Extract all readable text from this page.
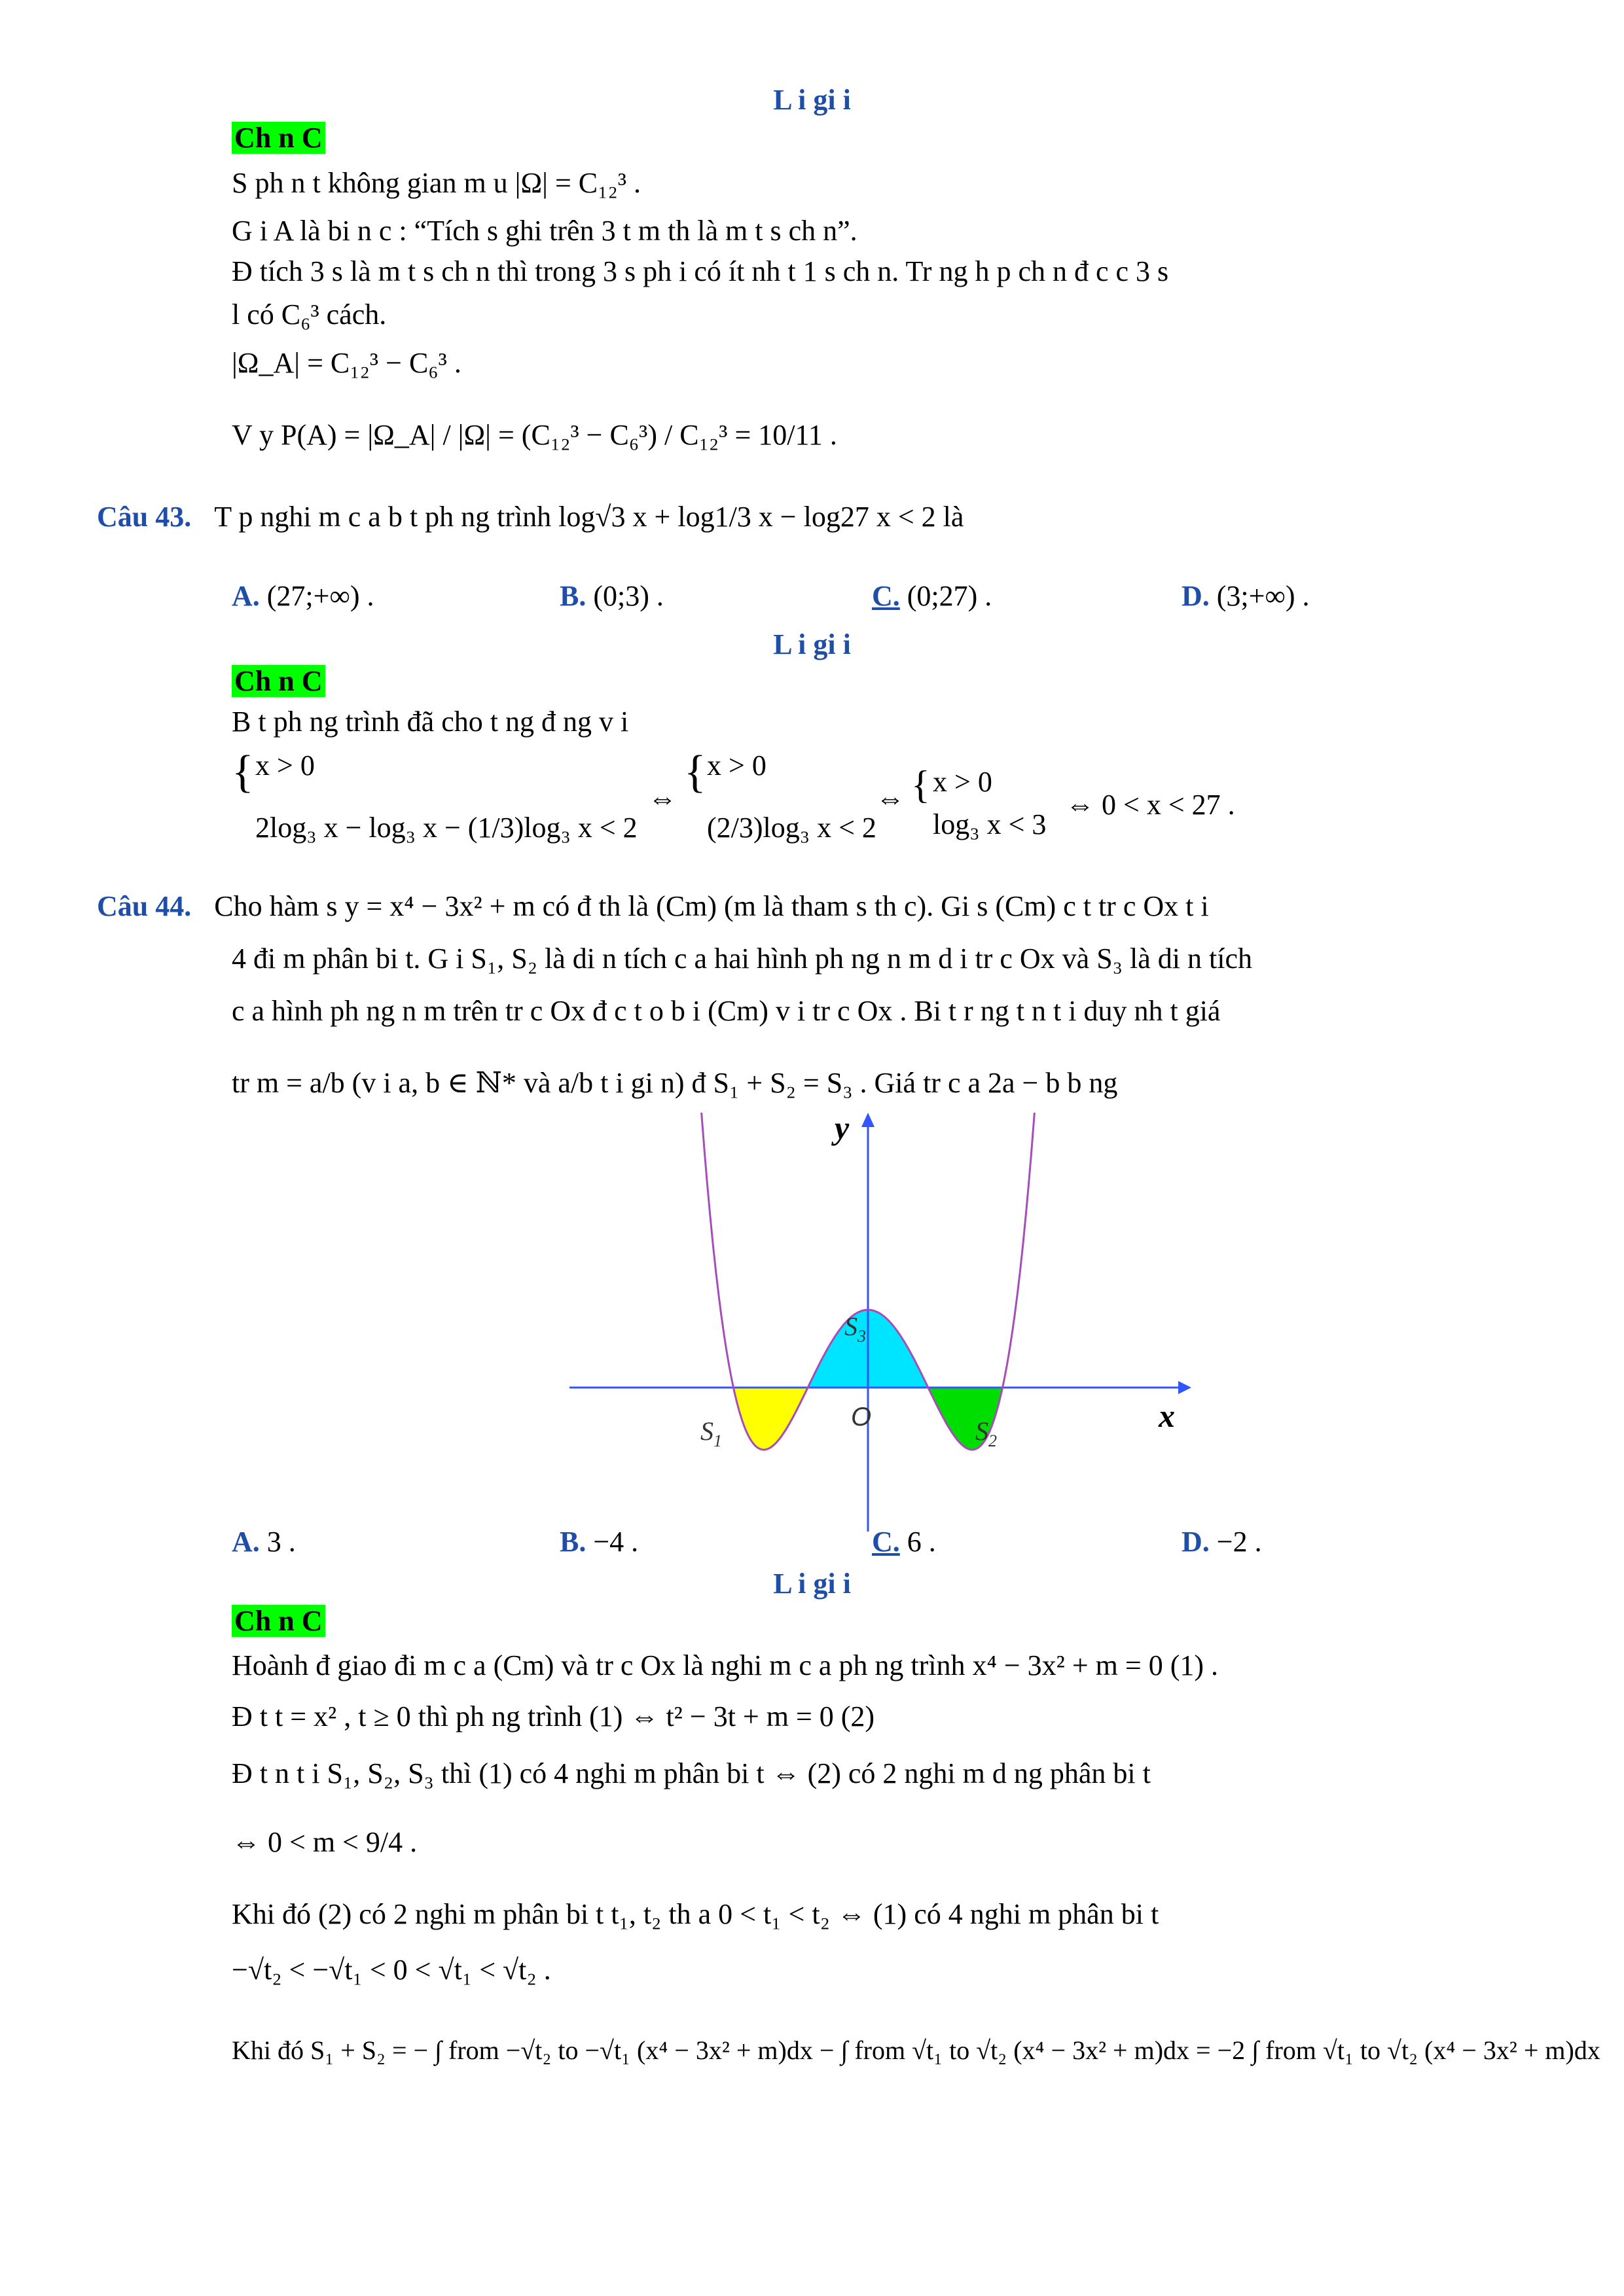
L i gi i
Ch n C
S ph n t không gian m u |Ω| = C₁₂³ .
G i A là bi n c : “Tích s ghi trên 3 t m th là m t s ch n”.
Đ tích 3 s là m t s ch n thì trong 3 s ph i có ít nh t 1 s ch n. Tr ng h p ch n đ c c 3 s
l có C₆³ cách.
|Ω_A| = C₁₂³ − C₆³ .
V y P(A) = |Ω_A| / |Ω| = (C₁₂³ − C₆³) / C₁₂³ = 10/11 .
Câu 43. T p nghi m c a b t ph ng trình log√3 x + log1/3 x − log27 x < 2 là
A. (27;+∞) .	B. (0;3) .	C. (0;27) .	D. (3;+∞) .
L i gi i
Ch n C
B t ph ng trình đã cho t ng đ ng v i
{ x > 0
2log₃ x − log₃ x − (1/3)log₃ x < 2
⇔
{ x > 0
(2/3)log₃ x < 2
⇔ { x > 0
log₃ x < 3
⇔ 0 < x < 27 .
Câu 44. Cho hàm s y = x⁴ − 3x² + m có đ th là (Cm) (m là tham s th c). Gi s (Cm) c t tr c Ox t i
4 đi m phân bi t. G i S₁, S₂ là di n tích c a hai hình ph ng n m d i tr c Ox và S₃ là di n tích
c a hình ph ng n m trên tr c Ox đ c t o b i (Cm) v i tr c Ox . Bi t r ng t n t i duy nh t giá
tr m = a/b (v i a, b ∈ ℕ* và a/b t i gi n) đ S₁ + S₂ = S₃ . Giá tr c a 2a − b b ng
y
x
O
$S_3$
$S_1$	$S_2$
A. 3 .	B. −4 .	C. 6 .	D. −2 .
L i gi i
Ch n C
Hoành đ giao đi m c a (Cm) và tr c Ox là nghi m c a ph ng trình x⁴ − 3x² + m = 0 (1) .
Đ t t = x² , t ≥ 0 thì ph ng trình (1) ⇔ t² − 3t + m = 0 (2)
Đ t n t i S₁, S₂, S₃ thì (1) có 4 nghi m phân bi t ⇔ (2) có 2 nghi m d ng phân bi t
⇔ 0 < m < 9/4 .
Khi đó (2) có 2 nghi m phân bi t t₁, t₂ th a 0 < t₁ < t₂ ⇔ (1) có 4 nghi m phân bi t
−√t₂ < −√t₁ < 0 < √t₁ < √t₂ .
Khi đó S₁ + S₂ = − ∫ from −√t₂ to −√t₁ (x⁴ − 3x² + m)dx − ∫ from √t₁ to √t₂ (x⁴ − 3x² + m)dx = −2 ∫ from √t₁ to √t₂ (x⁴ − 3x² + m)dx
